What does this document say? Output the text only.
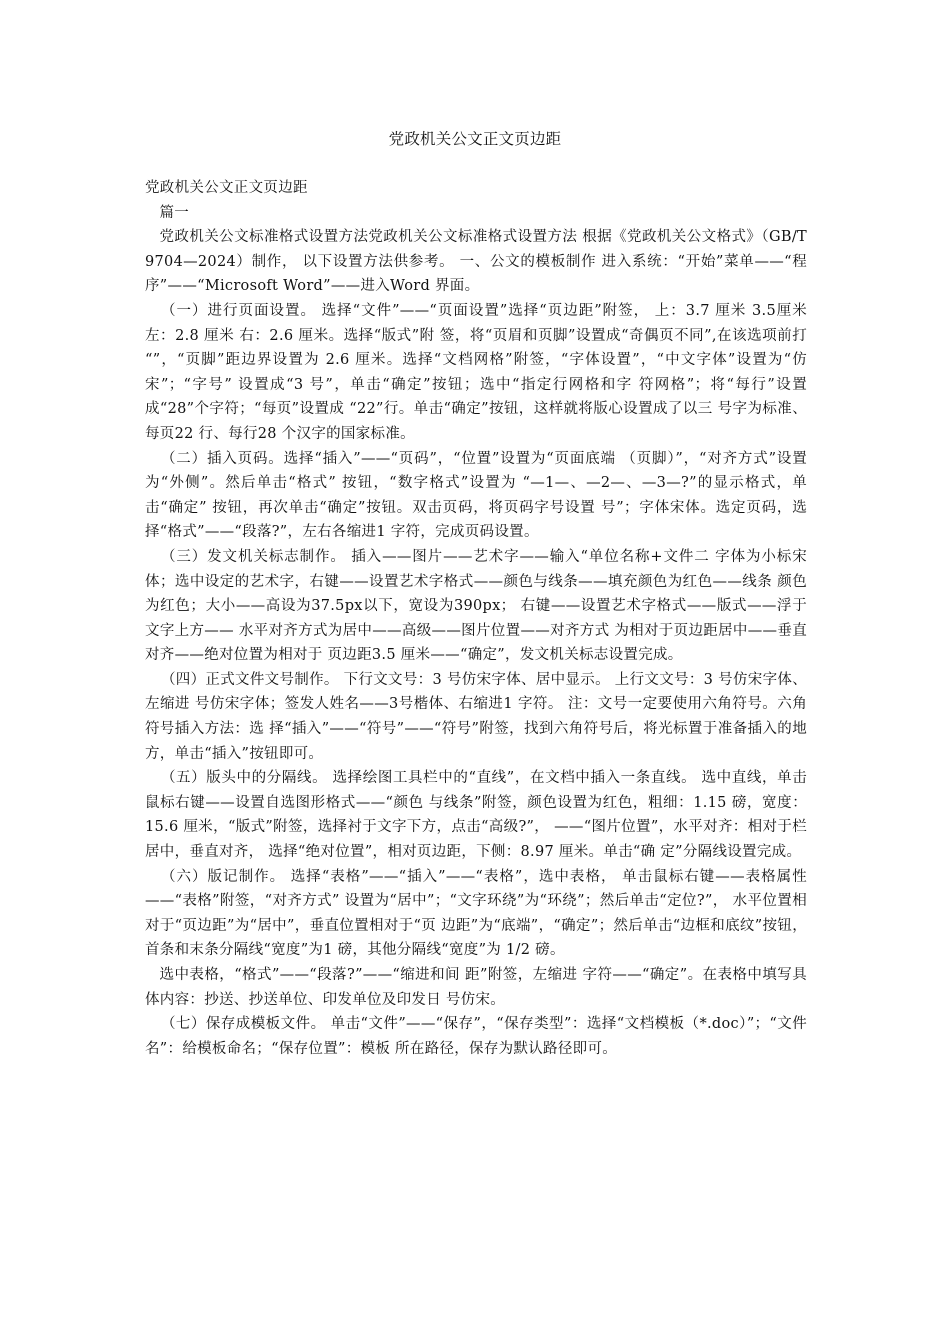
党政机关公文正文页边距

党政机关公文正文页边距

篇一

党政机关公文标准格式设置方法党政机关公文标准格式设置方法 根据《党政机关公文格式》（GB/T 9704—2024）制作， 以下设置方法供参考。 一、公文的模板制作 进入系统：“开始”菜单——“程序”——“Microsoft Word”——进入Word 界面。

（一）进行页面设置。 选择“文件”——“页面设置”选择“页边距”附签， 上：3.7 厘米 3.5厘米 左：2.8 厘米 右：2.6 厘米。选择“版式”附 签，将“页眉和页脚”设置成“奇偶页不同”,在该选项前打 “”，“页脚”距边界设置为 2.6 厘米。选择“文档网格”附签，“字体设置”，“中文字体”设置为“仿宋”；“字号” 设置成“3 号”，单击“确定”按钮；选中“指定行网格和字 符网格”；将“每行”设置成“28”个字符；“每页”设置成 “22”行。单击“确定”按钮，这样就将版心设置成了以三 号字为标准、每页22 行、每行28 个汉字的国家标准。

（二）插入页码。选择“插入”——“页码”，“位置”设置为“页面底端 （页脚）”，“对齐方式”设置为“外侧”。然后单击“格式” 按钮，“数字格式”设置为 “—1—、—2—、—3—?”的显示格式，单击“确定” 按钮，再次单击“确定”按钮。双击页码，将页码字号设置 号”；字体宋体。选定页码，选择“格式”——“段落?”，左右各缩进1 字符，完成页码设置。

（三）发文机关标志制作。 插入——图片——艺术字——输入“单位名称+文件二 字体为小标宋体；选中设定的艺术字，右键——设置艺术字格式——颜色与线条——填充颜色为红色——线条 颜色为红色；大小——高设为37.5px以下，宽设为390px； 右键——设置艺术字格式——版式——浮于文字上方—— 水平对齐方式为居中——高级——图片位置——对齐方式 为相对于页边距居中——垂直对齐——绝对位置为相对于 页边距3.5 厘米——“确定”，发文机关标志设置完成。

（四）正式文件文号制作。 下行文文号：3 号仿宋字体、居中显示。 上行文文号：3 号仿宋字体、左缩进 号仿宋字体；签发人姓名——3号楷体、右缩进1 字符。 注：文号一定要使用六角符号。六角符号插入方法：选 择“插入”——“符号”——“符号”附签，找到六角符号后，将光标置于准备插入的地方，单击“插入”按钮即可。

（五）版头中的分隔线。 选择绘图工具栏中的“直线”，在文档中插入一条直线。 选中直线，单击鼠标右键——设置自选图形格式——“颜色 与线条”附签，颜色设置为红色，粗细：1.15 磅，宽度：15.6 厘米，“版式”附签，选择衬于文字下方，点击“高级?”， ——“图片位置”，水平对齐：相对于栏居中，垂直对齐， 选择“绝对位置”，相对页边距，下侧：8.97 厘米。单击“确 定”分隔线设置完成。

（六）版记制作。 选择“表格”——“插入”——“表格”，选中表格， 单击鼠标右键——表格属性——“表格”附签，“对齐方式” 设置为“居中”；“文字环绕”为“环绕”；然后单击“定位?”， 水平位置相对于“页边距”为“居中”，垂直位置相对于“页 边距”为“底端”，“确定”；然后单击“边框和底纹”按钮， 首条和末条分隔线“宽度”为1 磅，其他分隔线“宽度”为 1/2 磅。

选中表格，“格式”——“段落?”——“缩进和间 距”附签，左缩进 字符——“确定”。在表格中填写具体内容：抄送、抄送单位、印发单位及印发日 号仿宋。

（七）保存成模板文件。 单击“文件”——“保存”，“保存类型”：选择“文档模板（*.doc）”；“文件名”：给模板命名；“保存位置”：模板 所在路径，保存为默认路径即可。
